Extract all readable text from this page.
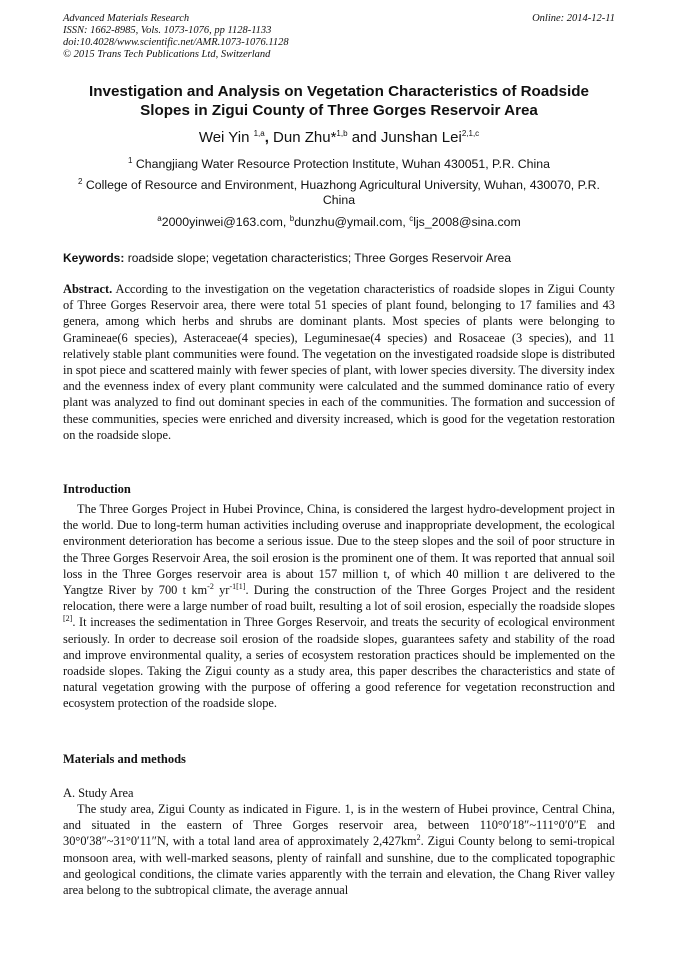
Advanced Materials Research
ISSN: 1662-8985, Vols. 1073-1076, pp 1128-1133
doi:10.4028/www.scientific.net/AMR.1073-1076.1128
© 2015 Trans Tech Publications Ltd, Switzerland
Online: 2014-12-11
Investigation and Analysis on Vegetation Characteristics of Roadside Slopes in Zigui County of Three Gorges Reservoir Area
Wei Yin $^{1,a}$, Dun Zhu*$^{1,b}$ and Junshan Lei$^{2,1,c}$
$^1$ Changjiang Water Resource Protection Institute, Wuhan 430051, P.R. China
$^2$ College of Resource and Environment, Huazhong Agricultural University, Wuhan, 430070, P.R. China
$^a$2000yinwei@163.com, $^b$dunzhu@ymail.com, $^c$ljs_2008@sina.com
Keywords: roadside slope; vegetation characteristics; Three Gorges Reservoir Area
Abstract. According to the investigation on the vegetation characteristics of roadside slopes in Zigui County of Three Gorges Reservoir area, there were total 51 species of plant found, belonging to 17 families and 43 genera, among which herbs and shrubs are dominant plants. Most species of plants were belonging to Gramineae(6 species), Asteraceae(4 species), Leguminesae(4 species) and Rosaceae (3 species), and 11 relatively stable plant communities were found. The vegetation on the investigated roadside slope is distributed in spot piece and scattered mainly with fewer species of plant, with lower species diversity. The diversity index and the evenness index of every plant community were calculated and the summed dominance ratio of every plant was analyzed to find out dominant species in each of the communities. The formation and succession of these communities, species were enriched and diversity increased, which is good for the vegetation restoration on the roadside slope.
Introduction
The Three Gorges Project in Hubei Province, China, is considered the largest hydro-development project in the world. Due to long-term human activities including overuse and inappropriate development, the ecological environment deterioration has become a serious issue. Due to the steep slopes and the soil of poor structure in the Three Gorges Reservoir Area, the soil erosion is the prominent one of them. It was reported that annual soil loss in the Three Gorges reservoir area is about 157 million t, of which 40 million t are delivered to the Yangtze River by 700 t $km^{-2}$ $yr^{-1[1]}$. During the construction of the Three Gorges Project and the resident relocation, there were a large number of road built, resulting a lot of soil erosion, especially the roadside slopes [2]. It increases the sedimentation in Three Gorges Reservoir, and treats the security of ecological environment seriously. In order to decrease soil erosion of the roadside slopes, guarantees safety and stability of the road and improve environmental quality, a series of ecosystem restoration practices should be implemented on the roadside slopes. Taking the Zigui county as a study area, this paper describes the characteristics and state of natural vegetation growing with the purpose of offering a good reference for vegetation reconstruction and ecosystem protection of the roadside slope.
Materials and methods
A. Study Area
The study area, Zigui County as indicated in Figure. 1, is in the western of Hubei province, Central China, and situated in the eastern of Three Gorges reservoir area, between 110°0′18″~111°0′0″E and 30°0′38″~31°0′11″N, with a total land area of approximately $2,427km^2$. Zigui County belong to semi-tropical monsoon area, with well-marked seasons, plenty of rainfall and sunshine, due to the complicated topographic and geological conditions, the climate varies apparently with the terrain and elevation, the Chang River valley area belong to the subtropical climate, the average annual
